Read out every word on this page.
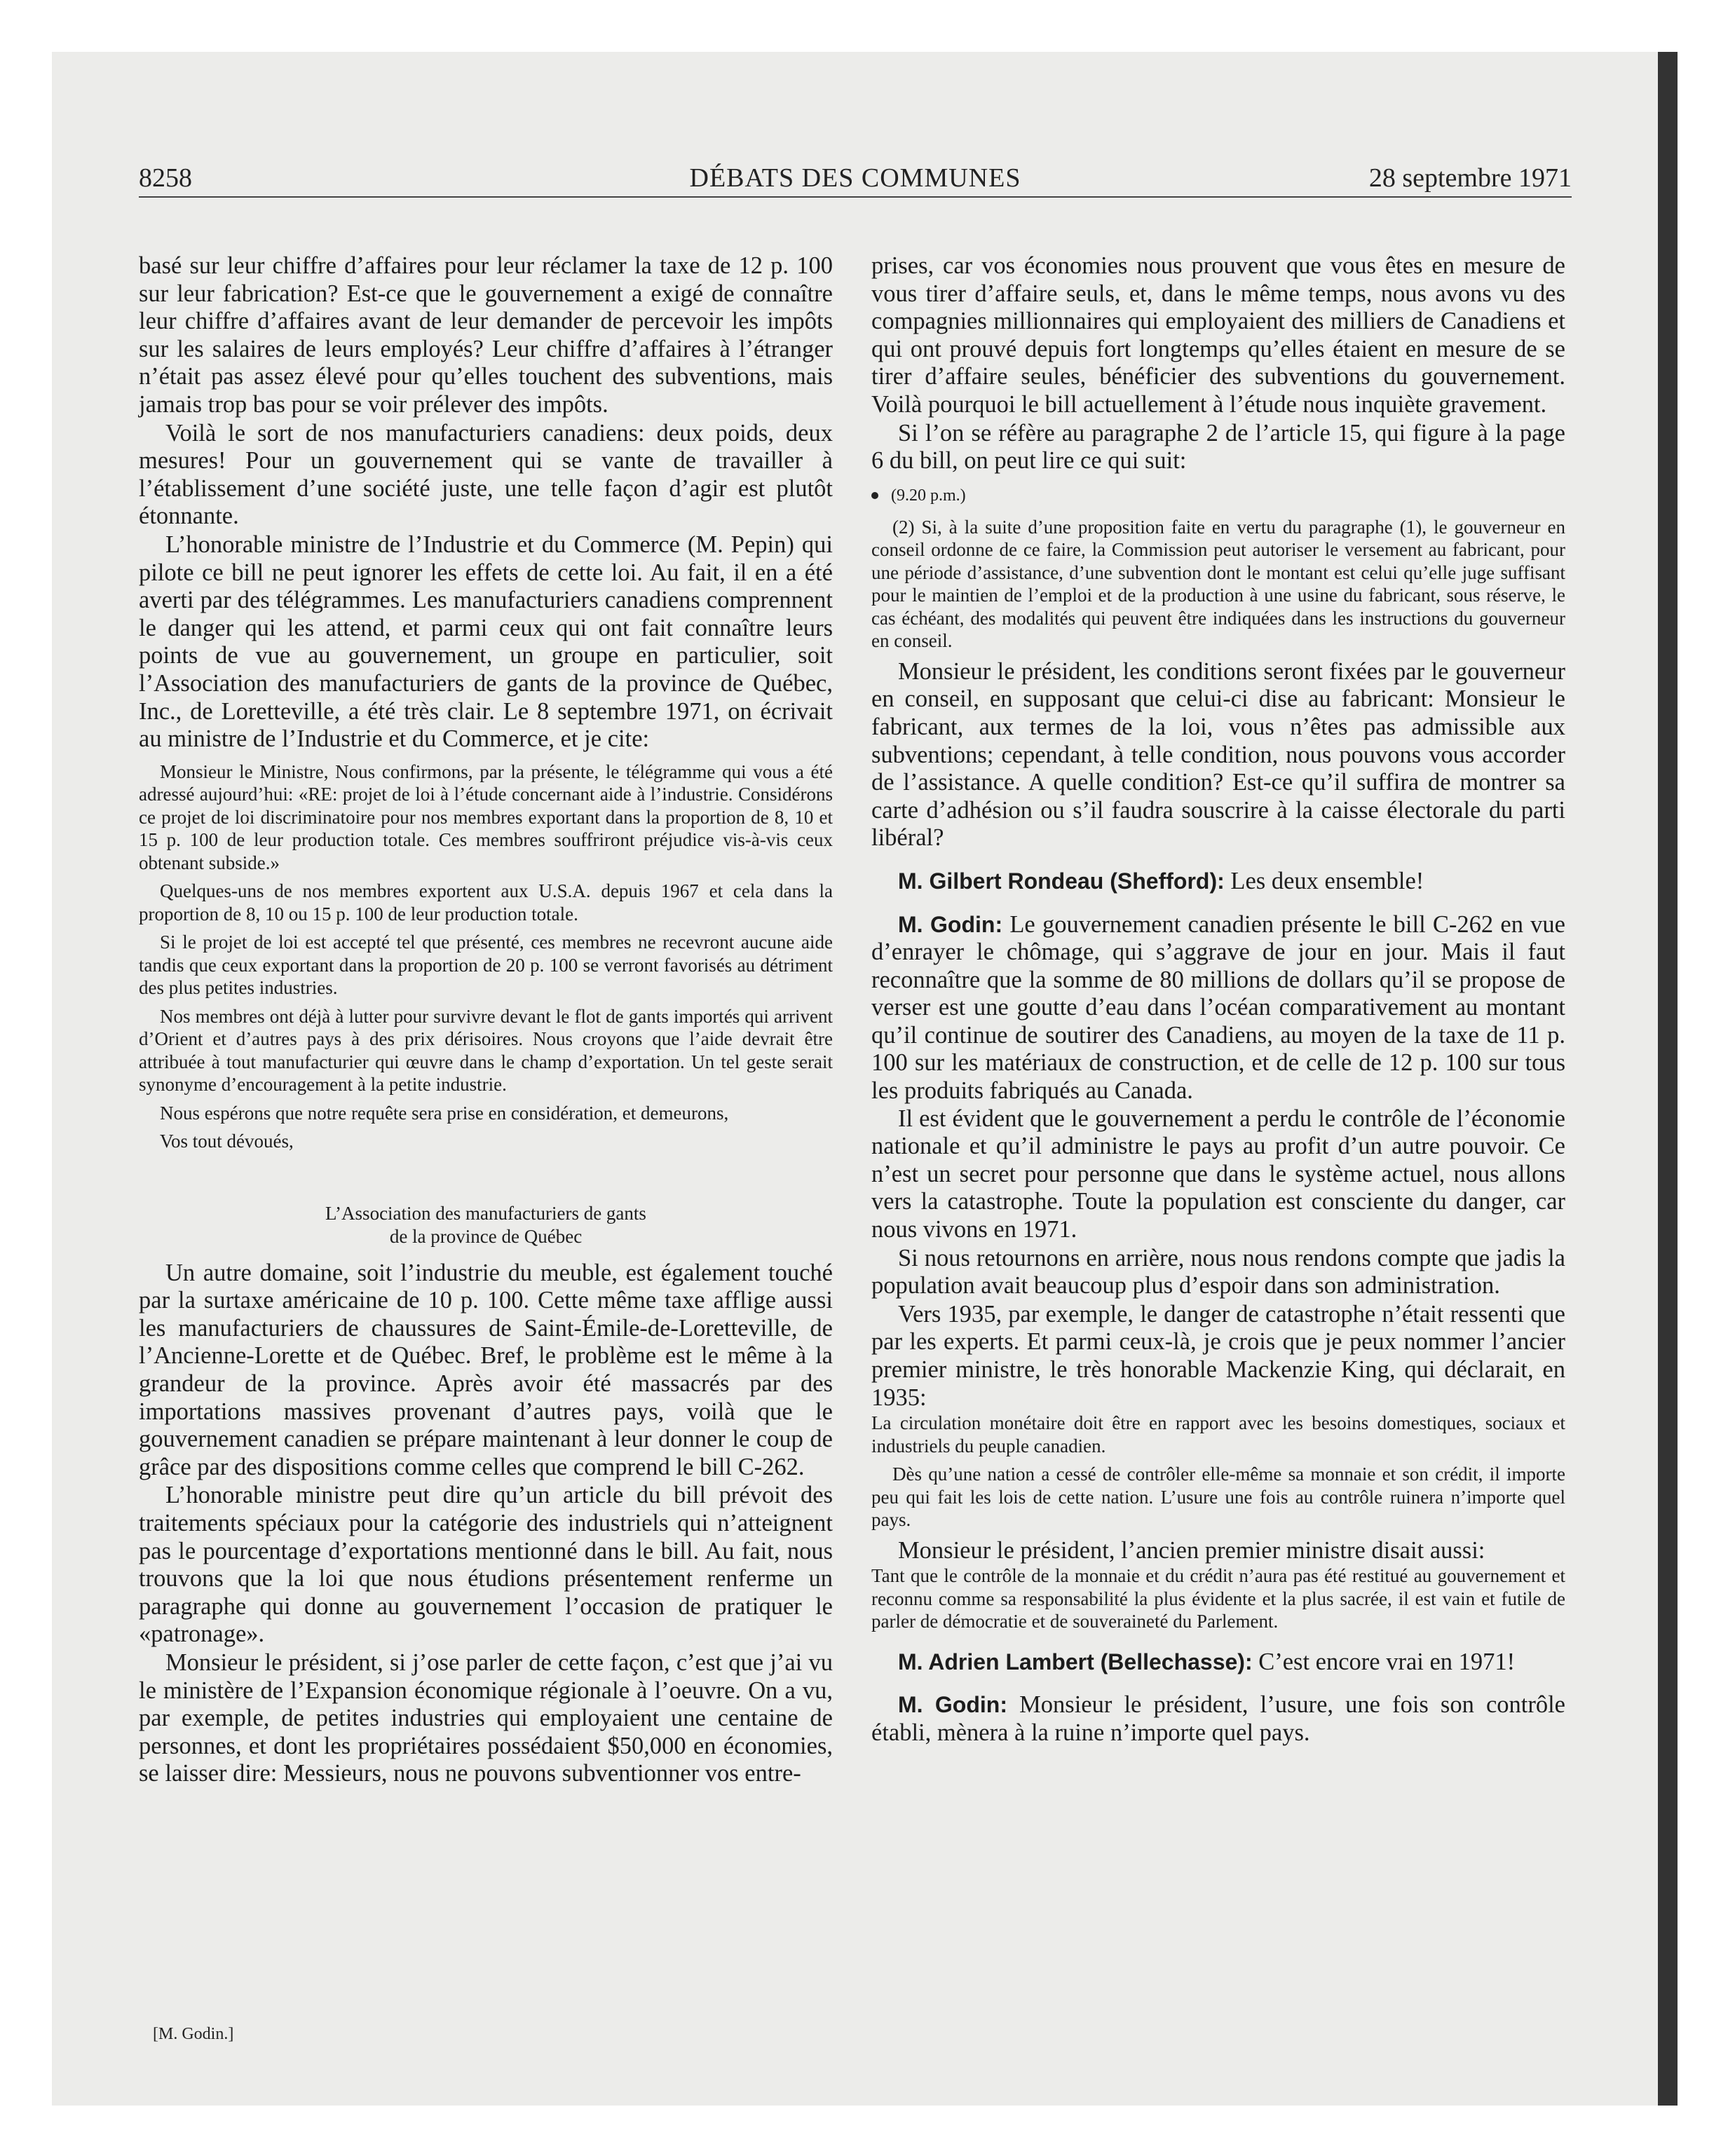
8258	DÉBATS DES COMMUNES	28 septembre 1971

basé sur leur chiffre d’affaires pour leur réclamer la taxe de 12 p. 100 sur leur fabrication? Est-ce que le gouvernement a exigé de connaître leur chiffre d’affaires avant de leur demander de percevoir les impôts sur les salaires de leurs employés? Leur chiffre d’affaires à l’étranger n’était pas assez élevé pour qu’elles touchent des subventions, mais jamais trop bas pour se voir prélever des impôts.

Voilà le sort de nos manufacturiers canadiens: deux poids, deux mesures! Pour un gouvernement qui se vante de travailler à l’établissement d’une société juste, une telle façon d’agir est plutôt étonnante.

L’honorable ministre de l’Industrie et du Commerce (M. Pepin) qui pilote ce bill ne peut ignorer les effets de cette loi. Au fait, il en a été averti par des télégrammes. Les manufacturiers canadiens comprennent le danger qui les attend, et parmi ceux qui ont fait connaître leurs points de vue au gouvernement, un groupe en particulier, soit l’Association des manufacturiers de gants de la province de Québec, Inc., de Loretteville, a été très clair. Le 8 septembre 1971, on écrivait au ministre de l’Industrie et du Commerce, et je cite:

Monsieur le Ministre, Nous confirmons, par la présente, le télégramme qui vous a été adressé aujourd’hui: «RE: projet de loi à l’étude concernant aide à l’industrie. Considérons ce projet de loi discriminatoire pour nos membres exportant dans la proportion de 8, 10 et 15 p. 100 de leur production totale. Ces membres souffriront préjudice vis-à-vis ceux obtenant subside.»

Quelques-uns de nos membres exportent aux U.S.A. depuis 1967 et cela dans la proportion de 8, 10 ou 15 p. 100 de leur production totale.

Si le projet de loi est accepté tel que présenté, ces membres ne recevront aucune aide tandis que ceux exportant dans la proportion de 20 p. 100 se verront favorisés au détriment des plus petites industries.

Nos membres ont déjà à lutter pour survivre devant le flot de gants importés qui arrivent d’Orient et d’autres pays à des prix dérisoires. Nous croyons que l’aide devrait être attribuée à tout manufacturier qui œuvre dans le champ d’exportation. Un tel geste serait synonyme d’encouragement à la petite industrie.

Nous espérons que notre requête sera prise en considération, et demeurons,

Vos tout dévoués,

L’Association des manufacturiers de gants
de la province de Québec

Un autre domaine, soit l’industrie du meuble, est également touché par la surtaxe américaine de 10 p. 100. Cette même taxe afflige aussi les manufacturiers de chaussures de Saint-Émile-de-Loretteville, de l’Ancienne-Lorette et de Québec. Bref, le problème est le même à la grandeur de la province. Après avoir été massacrés par des importations massives provenant d’autres pays, voilà que le gouvernement canadien se prépare maintenant à leur donner le coup de grâce par des dispositions comme celles que comprend le bill C-262.

L’honorable ministre peut dire qu’un article du bill prévoit des traitements spéciaux pour la catégorie des industriels qui n’atteignent pas le pourcentage d’exportations mentionné dans le bill. Au fait, nous trouvons que la loi que nous étudions présentement renferme un paragraphe qui donne au gouvernement l’occasion de pratiquer le «patronage».

Monsieur le président, si j’ose parler de cette façon, c’est que j’ai vu le ministère de l’Expansion économique régionale à l’oeuvre. On a vu, par exemple, de petites industries qui employaient une centaine de personnes, et dont les propriétaires possédaient $50,000 en économies, se laisser dire: Messieurs, nous ne pouvons subventionner vos entre-

prises, car vos économies nous prouvent que vous êtes en mesure de vous tirer d’affaire seuls, et, dans le même temps, nous avons vu des compagnies millionnaires qui employaient des milliers de Canadiens et qui ont prouvé depuis fort longtemps qu’elles étaient en mesure de se tirer d’affaire seules, bénéficier des subventions du gouvernement. Voilà pourquoi le bill actuellement à l’étude nous inquiète gravement.

Si l’on se réfère au paragraphe 2 de l’article 15, qui figure à la page 6 du bill, on peut lire ce qui suit:

(9.20 p.m.)

(2) Si, à la suite d’une proposition faite en vertu du paragraphe (1), le gouverneur en conseil ordonne de ce faire, la Commission peut autoriser le versement au fabricant, pour une période d’assistance, d’une subvention dont le montant est celui qu’elle juge suffisant pour le maintien de l’emploi et de la production à une usine du fabricant, sous réserve, le cas échéant, des modalités qui peuvent être indiquées dans les instructions du gouverneur en conseil.

Monsieur le président, les conditions seront fixées par le gouverneur en conseil, en supposant que celui-ci dise au fabricant: Monsieur le fabricant, aux termes de la loi, vous n’êtes pas admissible aux subventions; cependant, à telle condition, nous pouvons vous accorder de l’assistance. A quelle condition? Est-ce qu’il suffira de montrer sa carte d’adhésion ou s’il faudra souscrire à la caisse électorale du parti libéral?

M. Gilbert Rondeau (Shefford): Les deux ensemble!

M. Godin: Le gouvernement canadien présente le bill C-262 en vue d’enrayer le chômage, qui s’aggrave de jour en jour. Mais il faut reconnaître que la somme de 80 millions de dollars qu’il se propose de verser est une goutte d’eau dans l’océan comparativement au montant qu’il continue de soutirer des Canadiens, au moyen de la taxe de 11 p. 100 sur les matériaux de construction, et de celle de 12 p. 100 sur tous les produits fabriqués au Canada.

Il est évident que le gouvernement a perdu le contrôle de l’économie nationale et qu’il administre le pays au profit d’un autre pouvoir. Ce n’est un secret pour personne que dans le système actuel, nous allons vers la catastrophe. Toute la population est consciente du danger, car nous vivons en 1971.

Si nous retournons en arrière, nous nous rendons compte que jadis la population avait beaucoup plus d’espoir dans son administration.

Vers 1935, par exemple, le danger de catastrophe n’était ressenti que par les experts. Et parmi ceux-là, je crois que je peux nommer l’ancier premier ministre, le très honorable Mackenzie King, qui déclarait, en 1935:

La circulation monétaire doit être en rapport avec les besoins domestiques, sociaux et industriels du peuple canadien.

Dès qu’une nation a cessé de contrôler elle-même sa monnaie et son crédit, il importe peu qui fait les lois de cette nation. L’usure une fois au contrôle ruinera n’importe quel pays.

Monsieur le président, l’ancien premier ministre disait aussi:

Tant que le contrôle de la monnaie et du crédit n’aura pas été restitué au gouvernement et reconnu comme sa responsabilité la plus évidente et la plus sacrée, il est vain et futile de parler de démocratie et de souveraineté du Parlement.

M. Adrien Lambert (Bellechasse): C’est encore vrai en 1971!

M. Godin: Monsieur le président, l’usure, une fois son contrôle établi, mènera à la ruine n’importe quel pays.

[M. Godin.]
